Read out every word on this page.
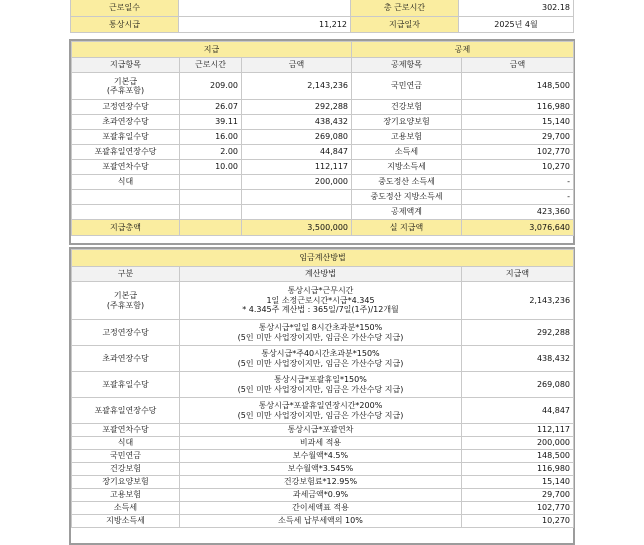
근로일수		총 근로시간	302.18
통상시급	11,212	지급일자	2025년 4월
지급			공제	
지급항목	근로시간	금액	공제항목	금액
기본급
(주휴포함)	209.00	2,143,236	국민연금	148,500
고정연장수당	26.07	292,288	건강보험	116,980
초과연장수당	39.11	438,432	장기요양보험	15,140
포괄휴일수당	16.00	269,080	고용보험	29,700
포괄휴일연장수당	2.00	44,847	소득세	102,770
포괄연차수당	10.00	112,117	지방소득세	10,270
식대		200,000	중도정산 소득세	-
			중도정산 지방소득세	-
			공제액계	423,360
지급총액		3,500,000	실 지급액	3,076,640
임금계산방법		
구분	계산방법	지급액
기본급
(주휴포함)	통상시급*근무시간
1일 소정근로시간*시급*4.345
* 4.345주 계산법 : 365일/7일(1주)/12개월	2,143,236
고정연장수당	통상시급*일일 8시간초과분*150%
(5인 미만 사업장이지만, 임금은 가산수당 지급)	292,288
초과연장수당	통상시급*주40시간초과분*150%
(5인 미만 사업장이지만, 임금은 가산수당 지급)	438,432
포괄휴일수당	통상시급*포괄휴일*150%
(5인 미만 사업장이지만, 임금은 가산수당 지급)	269,080
포괄휴일연장수당	통상시급*포괄휴일연장시간*200%
(5인 미만 사업장이지만, 임금은 가산수당 지급)	44,847
포괄연차수당	통상시급*포괄연차	112,117
식대	비과세 적용	200,000
국민연금	보수월액*4.5%	148,500
건강보험	보수월액*3.545%	116,980
장기요양보험	건강보험료*12.95%	15,140
고용보험	과세금액*0.9%	29,700
소득세	간이세액표 적용	102,770
지방소득세	소득세 납부세액의 10%	10,270
